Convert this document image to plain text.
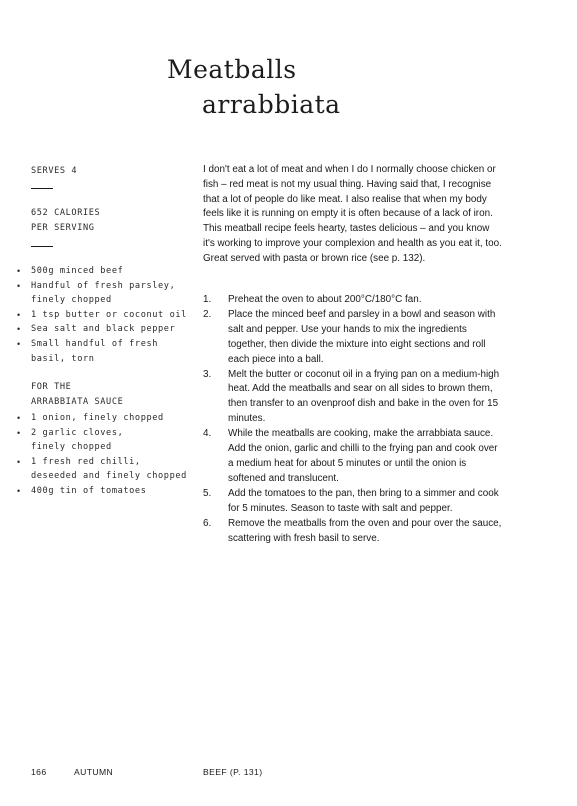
Meatballs
arrabbiata
SERVES 4
652 CALORIES
PER SERVING
• 500g minced beef
• Handful of fresh parsley,
finely chopped
• 1 tsp butter or coconut oil
• Sea salt and black pepper
• Small handful of fresh
basil, torn
FOR THE
ARRABBIATA SAUCE
• 1 onion, finely chopped
• 2 garlic cloves,
finely chopped
• 1 fresh red chilli,
deseeded and finely chopped
• 400g tin of tomatoes

I don't eat a lot of meat and when I do I normally choose chicken or fish – red meat is not my usual thing. Having said that, I recognise that a lot of people do like meat. I also realise that when my body feels like it is running on empty it is often because of a lack of iron. This meatball recipe feels hearty, tastes delicious – and you know it's working to improve your complexion and health as you eat it, too. Great served with pasta or brown rice (see p. 132).

1. Preheat the oven to about 200°C/180°C fan.
2. Place the minced beef and parsley in a bowl and season with salt and pepper. Use your hands to mix the ingredients together, then divide the mixture into eight sections and roll each piece into a ball.
3. Melt the butter or coconut oil in a frying pan on a medium-high heat. Add the meatballs and sear on all sides to brown them, then transfer to an ovenproof dish and bake in the oven for 15 minutes.
4. While the meatballs are cooking, make the arrabbiata sauce. Add the onion, garlic and chilli to the frying pan and cook over a medium heat for about 5 minutes or until the onion is softened and translucent.
5. Add the tomatoes to the pan, then bring to a simmer and cook for 5 minutes. Season to taste with salt and pepper.
6. Remove the meatballs from the oven and pour over the sauce, scattering with fresh basil to serve.
166	AUTUMN	BEEF (P. 131)
